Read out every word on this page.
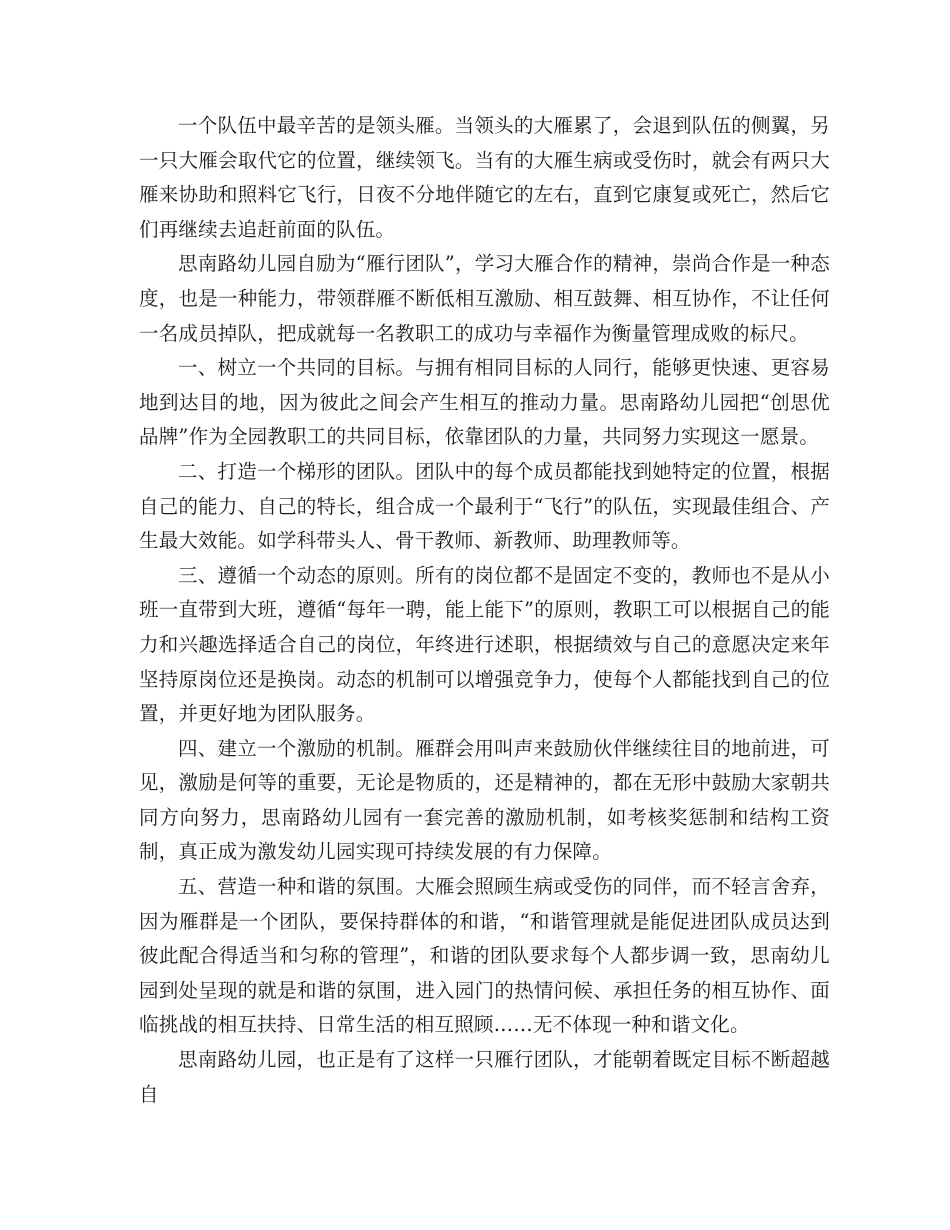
一个队伍中最辛苦的是领头雁。当领头的大雁累了，会退到队伍的侧翼，另一只大雁会取代它的位置，继续领飞。当有的大雁生病或受伤时，就会有两只大雁来协助和照料它飞行，日夜不分地伴随它的左右，直到它康复或死亡，然后它们再继续去追赶前面的队伍。

思南路幼儿园自励为“雁行团队”，学习大雁合作的精神，崇尚合作是一种态度，也是一种能力，带领群雁不断低相互激励、相互鼓舞、相互协作，不让任何一名成员掉队，把成就每一名教职工的成功与幸福作为衡量管理成败的标尺。

一、树立一个共同的目标。与拥有相同目标的人同行，能够更快速、更容易地到达目的地，因为彼此之间会产生相互的推动力量。思南路幼儿园把“创思优品牌”作为全园教职工的共同目标，依靠团队的力量，共同努力实现这一愿景。

二、打造一个梯形的团队。团队中的每个成员都能找到她特定的位置，根据自己的能力、自己的特长，组合成一个最利于“飞行”的队伍，实现最佳组合、产生最大效能。如学科带头人、骨干教师、新教师、助理教师等。

三、遵循一个动态的原则。所有的岗位都不是固定不变的，教师也不是从小班一直带到大班，遵循“每年一聘，能上能下”的原则，教职工可以根据自己的能力和兴趣选择适合自己的岗位，年终进行述职，根据绩效与自己的意愿决定来年坚持原岗位还是换岗。动态的机制可以增强竞争力，使每个人都能找到自己的位置，并更好地为团队服务。

四、建立一个激励的机制。雁群会用叫声来鼓励伙伴继续往目的地前进，可见，激励是何等的重要，无论是物质的，还是精神的，都在无形中鼓励大家朝共同方向努力，思南路幼儿园有一套完善的激励机制，如考核奖惩制和结构工资制，真正成为激发幼儿园实现可持续发展的有力保障。

五、营造一种和谐的氛围。大雁会照顾生病或受伤的同伴，而不轻言舍弃，因为雁群是一个团队，要保持群体的和谐，“和谐管理就是能促进团队成员达到彼此配合得适当和匀称的管理”，和谐的团队要求每个人都步调一致，思南幼儿园到处呈现的就是和谐的氛围，进入园门的热情问候、承担任务的相互协作、面临挑战的相互扶持、日常生活的相互照顾……无不体现一种和谐文化。

思南路幼儿园，也正是有了这样一只雁行团队，才能朝着既定目标不断超越自
